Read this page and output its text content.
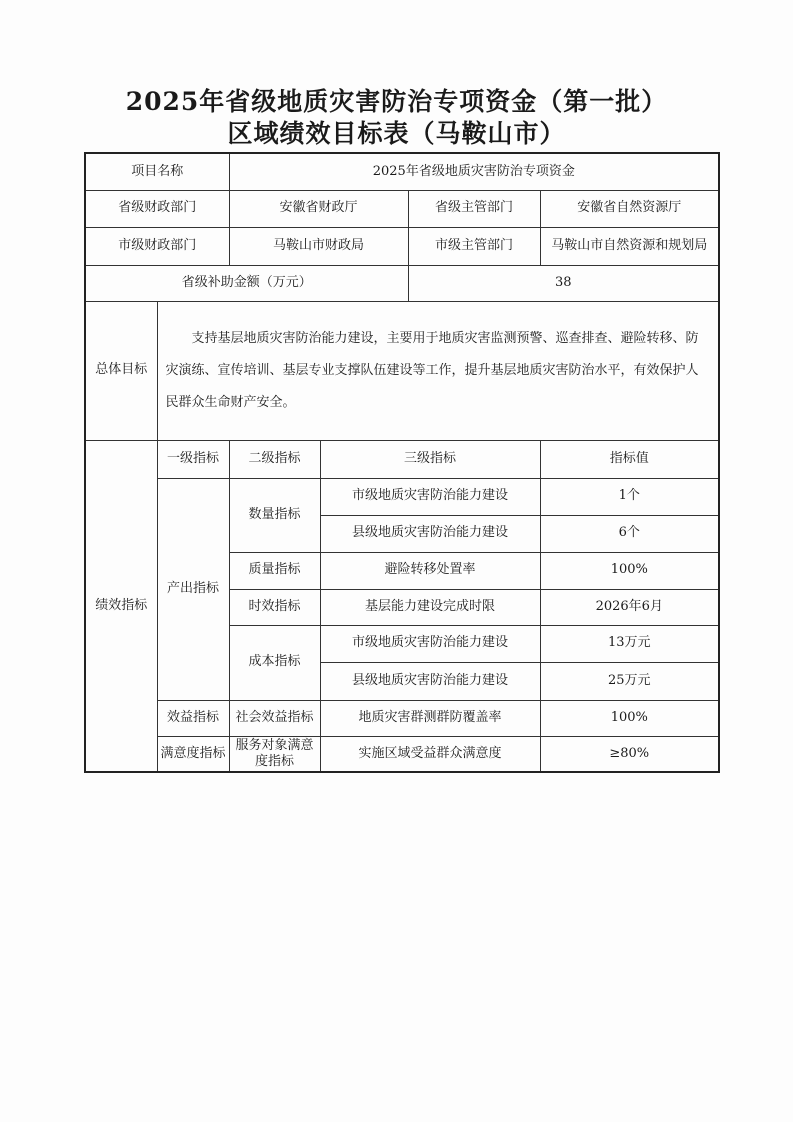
2025年省级地质灾害防治专项资金（第一批）
区域绩效目标表（马鞍山市）
项目名称		2025年省级地质灾害防治专项资金			
省级财政部门		安徽省财政厅		省级主管部门	安徽省自然资源厅
市级财政部门		马鞍山市财政局		市级主管部门	马鞍山市自然资源和规划局
省级补助金额（万元）				38	
总体目标	支持基层地质灾害防治能力建设，主要用于地质灾害监测预警、巡查排查、避险转移、防灾演练、宣传培训、基层专业支撑队伍建设等工作，提升基层地质灾害防治水平，有效保护人民群众生命财产安全。				
绩效指标	一级指标	二级指标	三级指标		指标值
	产出指标	数量指标	市级地质灾害防治能力建设		1个
			县级地质灾害防治能力建设		6个
		质量指标	避险转移处置率		100%
		时效指标	基层能力建设完成时限		2026年6月
		成本指标	市级地质灾害防治能力建设		13万元
			县级地质灾害防治能力建设		25万元
	效益指标	社会效益指标	地质灾害群测群防覆盖率		100%
	满意度指标	服务对象满意度指标	实施区域受益群众满意度		≥80%
